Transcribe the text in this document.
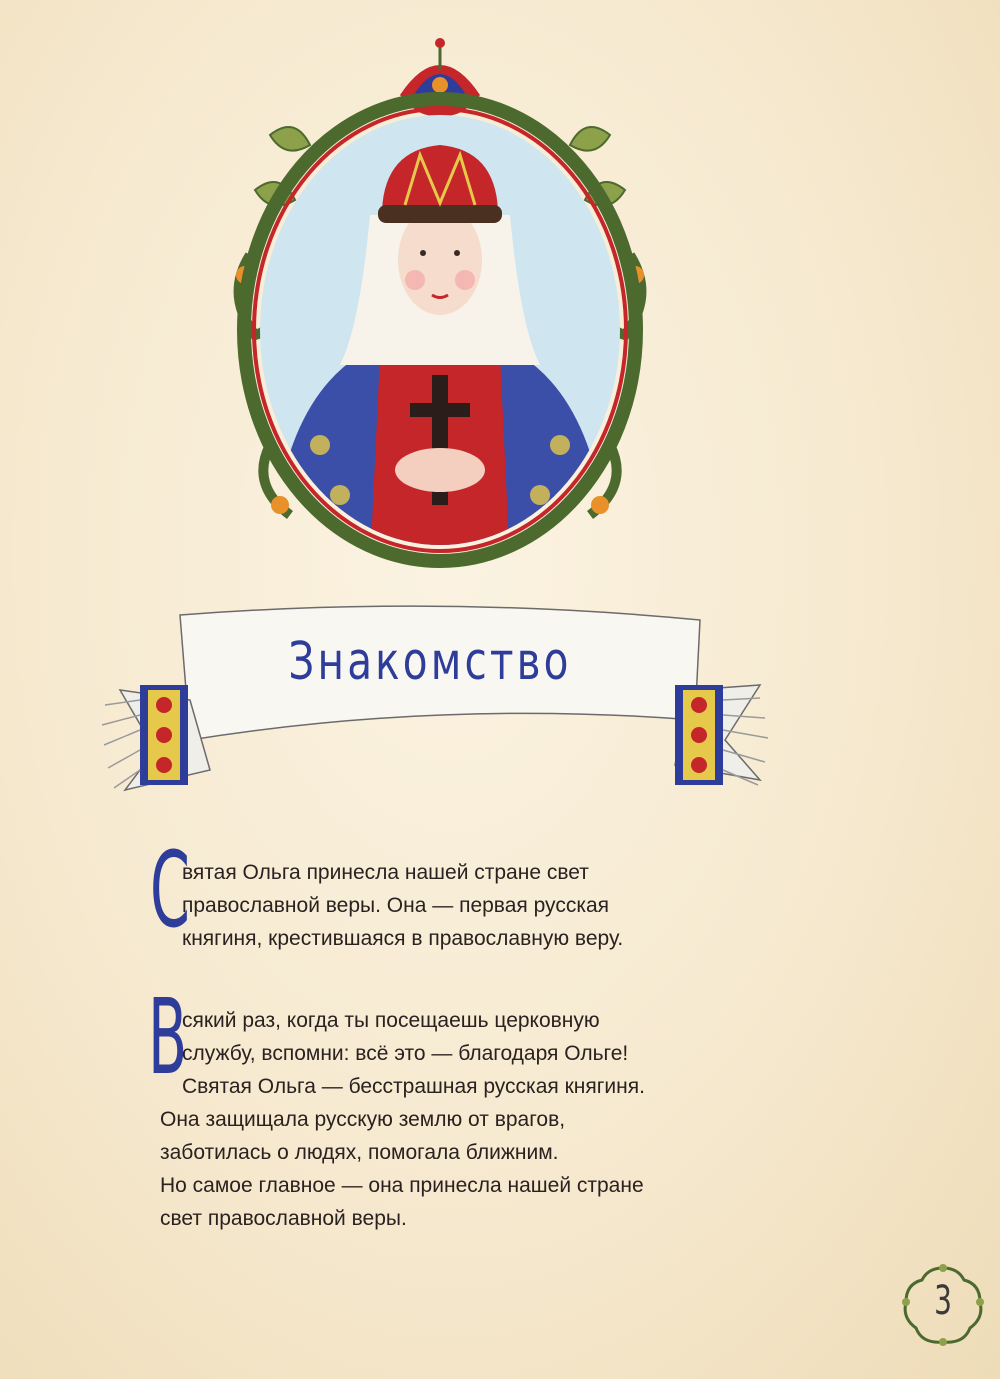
Знакомство
С

вятая Ольга принесла нашей стране свет
православной веры. Она — первая русская
княгиня, крестившаяся в православную веру.

В

сякий раз, когда ты посещаешь церковную
службу, вспомни: всё это — благодаря Ольге!
Святая Ольга — бесстрашная русская княгиня.
Она защищала русскую землю от врагов,
заботилась о людях, помогала ближним.
Но самое главное — она принесла нашей стране
свет православной веры.

3
